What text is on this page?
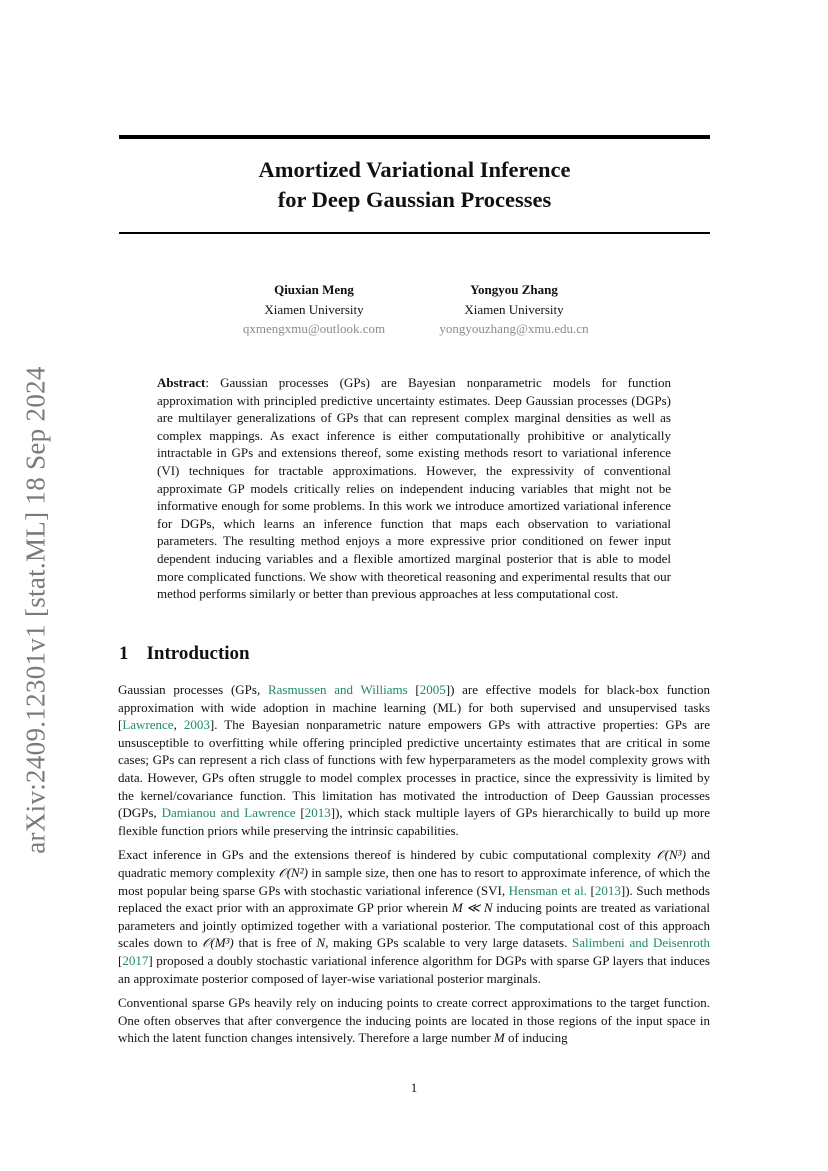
arXiv:2409.12301v1 [stat.ML] 18 Sep 2024
Amortized Variational Inference
for Deep Gaussian Processes
Qiuxian Meng
Xiamen University
qxmengxmu@outlook.com
Yongyou Zhang
Xiamen University
yongyouzhang@xmu.edu.cn

Abstract: Gaussian processes (GPs) are Bayesian nonparametric models for function approximation with principled predictive uncertainty estimates. Deep Gaussian processes (DGPs) are multilayer generalizations of GPs that can represent complex marginal densities as well as complex mappings. As exact inference is either computationally prohibitive or analytically intractable in GPs and extensions thereof, some existing methods resort to variational inference (VI) techniques for tractable approximations. However, the expressivity of conventional approximate GP models critically relies on independent inducing variables that might not be informative enough for some problems. In this work we introduce amortized variational inference for DGPs, which learns an inference function that maps each observation to variational parameters. The resulting method enjoys a more expressive prior conditioned on fewer input dependent inducing variables and a flexible amortized marginal posterior that is able to model more complicated functions. We show with theoretical reasoning and experimental results that our method performs similarly or better than previous approaches at less computational cost.

1 Introduction

Gaussian processes (GPs, Rasmussen and Williams [2005]) are effective models for black-box function approximation with wide adoption in machine learning (ML) for both supervised and unsupervised tasks [Lawrence, 2003]. The Bayesian nonparametric nature empowers GPs with attractive properties: GPs are unsusceptible to overfitting while offering principled predictive uncertainty estimates that are critical in some cases; GPs can represent a rich class of functions with few hyperparameters as the model complexity grows with data. However, GPs often struggle to model complex processes in practice, since the expressivity is limited by the kernel/covariance function. This limitation has motivated the introduction of Deep Gaussian processes (DGPs, Damianou and Lawrence [2013]), which stack multiple layers of GPs hierarchically to build up more flexible function priors while preserving the intrinsic capabilities.

Exact inference in GPs and the extensions thereof is hindered by cubic computational complexity 𝒪(N³) and quadratic memory complexity 𝒪(N²) in sample size, then one has to resort to approximate inference, of which the most popular being sparse GPs with stochastic variational inference (SVI, Hensman et al. [2013]). Such methods replaced the exact prior with an approximate GP prior wherein M ≪ N inducing points are treated as variational parameters and jointly optimized together with a variational posterior. The computational cost of this approach scales down to 𝒪(M³) that is free of N, making GPs scalable to very large datasets. Salimbeni and Deisenroth [2017] proposed a doubly stochastic variational inference algorithm for DGPs with sparse GP layers that induces an approximate posterior composed of layer-wise variational posterior marginals.

Conventional sparse GPs heavily rely on inducing points to create correct approximations to the target function. One often observes that after convergence the inducing points are located in those regions of the input space in which the latent function changes intensively. Therefore a large number M of inducing

1
